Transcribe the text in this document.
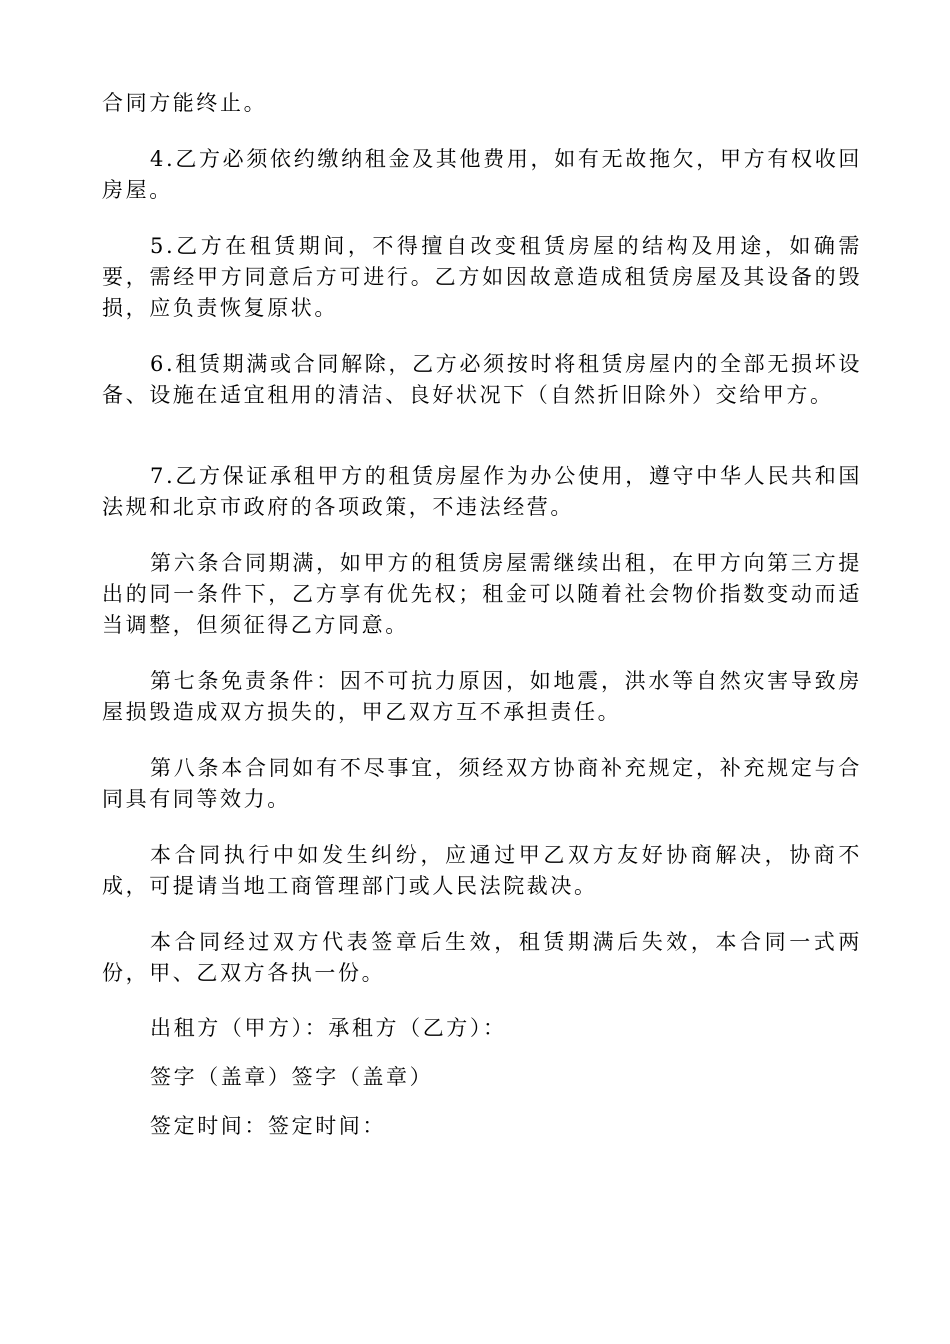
合同方能终止。

4.乙方必须依约缴纳租金及其他费用，如有无故拖欠，甲方有权收回房屋。

5.乙方在租赁期间，不得擅自改变租赁房屋的结构及用途，如确需要，需经甲方同意后方可进行。乙方如因故意造成租赁房屋及其设备的毁损，应负责恢复原状。

6.租赁期满或合同解除，乙方必须按时将租赁房屋内的全部无损坏设备、设施在适宜租用的清洁、良好状况下（自然折旧除外）交给甲方。

7.乙方保证承租甲方的租赁房屋作为办公使用，遵守中华人民共和国法规和北京市政府的各项政策，不违法经营。

第六条合同期满，如甲方的租赁房屋需继续出租，在甲方向第三方提出的同一条件下，乙方享有优先权；租金可以随着社会物价指数变动而适当调整，但须征得乙方同意。

第七条免责条件：因不可抗力原因，如地震，洪水等自然灾害导致房屋损毁造成双方损失的，甲乙双方互不承担责任。

第八条本合同如有不尽事宜，须经双方协商补充规定，补充规定与合同具有同等效力。

本合同执行中如发生纠纷，应通过甲乙双方友好协商解决，协商不成，可提请当地工商管理部门或人民法院裁决。

本合同经过双方代表签章后生效，租赁期满后失效，本合同一式两份，甲、乙双方各执一份。

出租方（甲方）：承租方（乙方）：

签字（盖章）签字（盖章）

签定时间：签定时间：
